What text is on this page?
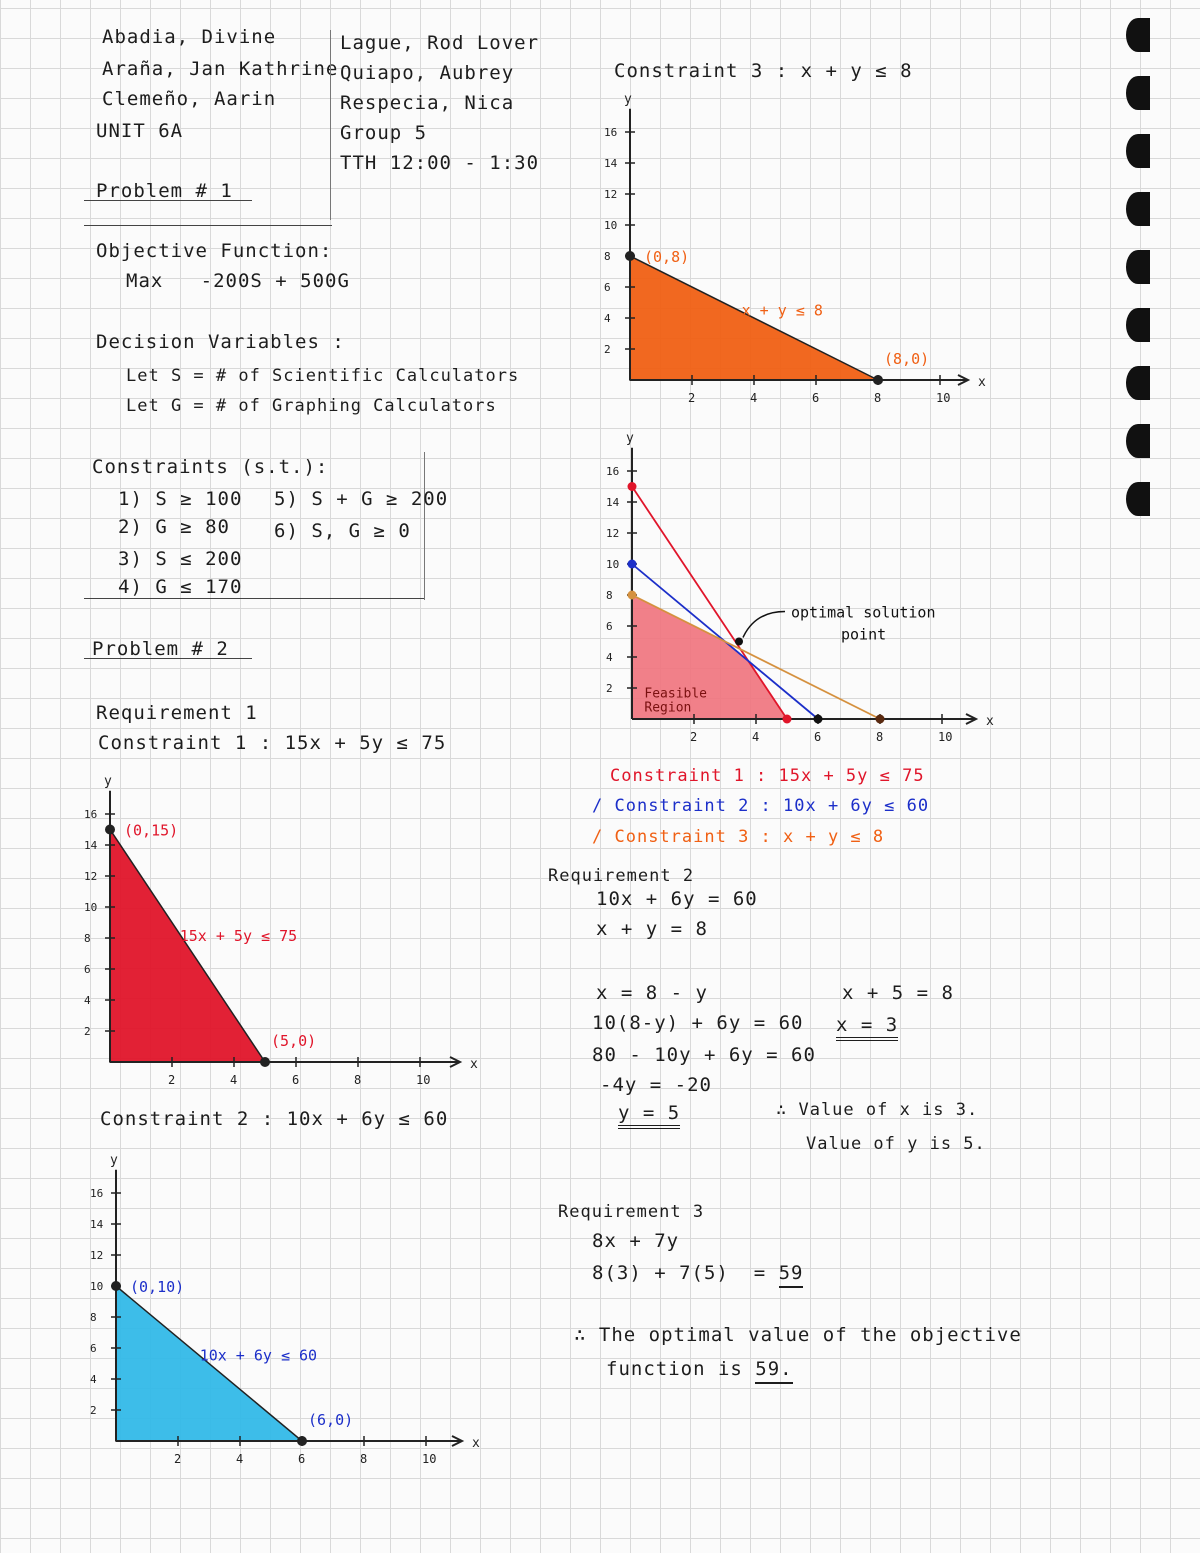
Abadia, Divine
Araña, Jan Kathrine
Clemeño, Aarin
UNIT 6A
Lague, Rod Lover
Quiapo, Aubrey
Respecia, Nica
Group 5
TTH 12:00 - 1:30
Problem # 1
Objective Function:
Max   -200S + 500G
Decision Variables :
Let S = # of Scientific Calculators
Let G = # of Graphing Calculators
Constraints (s.t.):
1) S ≥ 100
2) G ≥ 80
3) S ≤ 200
4) G ≤ 170
5) S + G ≥ 200
6) S, G ≥ 0
Problem # 2
Requirement 1
Constraint 1 : 15x + 5y ≤ 75
Constraint 2 : 10x + 6y ≤ 60
Constraint 3 : x + y ≤ 8
x
y
2	4	6	8	10
16
14
12
10
8
6
4
2
(0,15)
(5,0)
15x + 5y ≤ 75
x
y
2	4	6	8	10
16
14
12
10
8
6
4
2
(0,10)
(6,0)
10x + 6y ≤ 60
x
y
2	4	6	8	10
16
14
12
10
8
6
4
2
(0,8)
(8,0)
x + y ≤ 8
x
y
2	4	6	8	10
16
14
12
10
8
6
4
2
optimal solution
point
Feasible
Region
Constraint 1 : 15x + 5y ≤ 75
/ Constraint 2 : 10x + 6y ≤ 60
/ Constraint 3 : x + y ≤ 8
Requirement 2
10x + 6y = 60
x + y = 8
x = 8 - y
10(8-y) + 6y = 60
80 - 10y + 6y = 60
-4y = -20
y = 5
x + 5 = 8
x = 3
∴ Value of x is 3.
Value of y is 5.
Requirement 3
8x + 7y
8(3) + 7(5)  = 59
∴ The optimal value of the objective
function is 59.
